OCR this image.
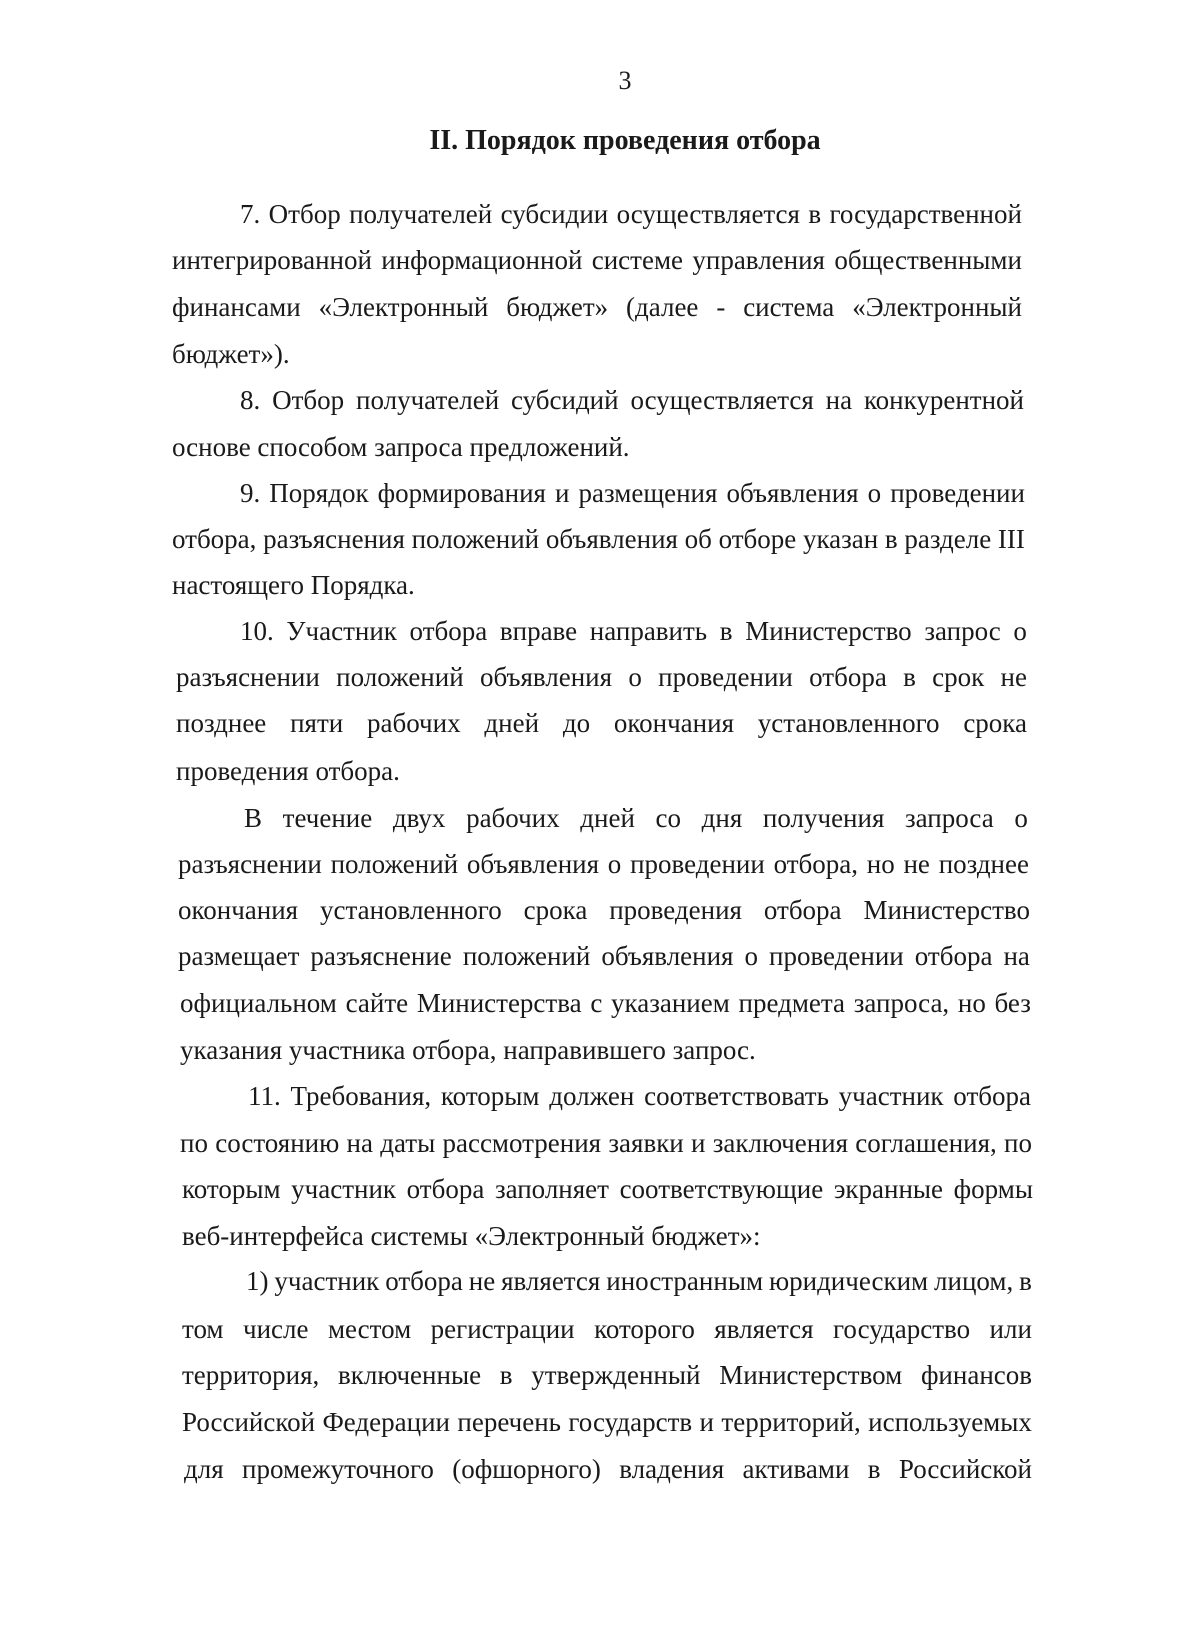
3
II. Порядок проведения отбора
7. Отбор получателей субсидии осуществляется в государственной
интегрированной информационной системе управления общественными
финансами «Электронный бюджет» (далее - система «Электронный
бюджет»).
8. Отбор получателей субсидий осуществляется на конкурентной
основе способом запроса предложений.
9. Порядок формирования и размещения объявления о проведении
отбора, разъяснения положений объявления об отборе указан в разделе III
настоящего Порядка.
10. Участник отбора вправе направить в Министерство запрос о
разъяснении положений объявления о проведении отбора в срок не
позднее пяти рабочих дней до окончания установленного срока
проведения отбора.
В течение двух рабочих дней со дня получения запроса о
разъяснении положений объявления о проведении отбора, но не позднее
окончания установленного срока проведения отбора Министерство
размещает разъяснение положений объявления о проведении отбора на
официальном сайте Министерства с указанием предмета запроса, но без
указания участника отбора, направившего запрос.
11. Требования, которым должен соответствовать участник отбора
по состоянию на даты рассмотрения заявки и заключения соглашения, по
которым участник отбора заполняет соответствующие экранные формы
веб-интерфейса системы «Электронный бюджет»:
1) участник отбора не является иностранным юридическим лицом, в
том числе местом регистрации которого является государство или
территория, включенные в утвержденный Министерством финансов
Российской Федерации перечень государств и территорий, используемых
для промежуточного (офшорного) владения активами в Российской
